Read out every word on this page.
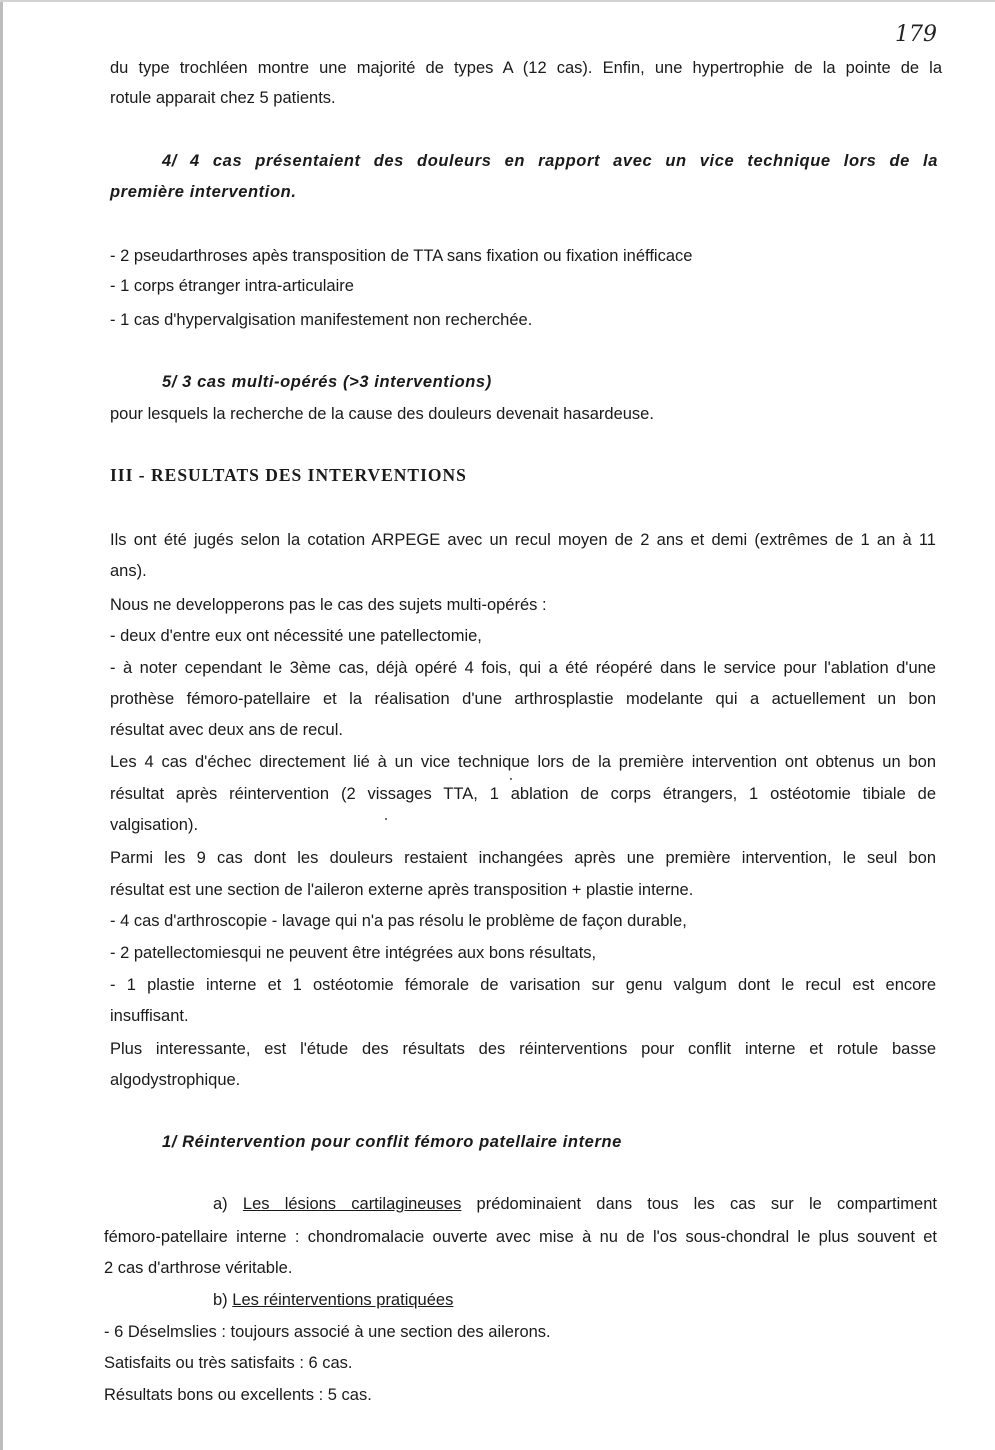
179
du type trochléen montre une majorité de types A (12 cas). Enfin, une hypertrophie de la pointe de la
rotule apparait chez 5 patients.
4/ 4 cas présentaient des douleurs en rapport avec un vice technique lors de la
première intervention.
- 2 pseudarthroses apès transposition de TTA sans fixation ou fixation inéfficace
- 1 corps étranger intra-articulaire
- 1 cas d'hypervalgisation manifestement non recherchée.
5/ 3 cas multi-opérés (>3 interventions)
pour lesquels la recherche de la cause des douleurs devenait hasardeuse.
III - RESULTATS DES INTERVENTIONS
Ils ont été jugés selon la cotation ARPEGE avec un recul moyen de 2 ans et demi (extrêmes de 1 an à 11
ans).
Nous ne developperons pas le cas des sujets multi-opérés :
- deux d'entre eux ont nécessité une patellectomie,
- à noter cependant le 3ème cas, déjà opéré 4 fois, qui a été réopéré dans le service pour l'ablation d'une
prothèse fémoro-patellaire et la réalisation d'une arthrosplastie modelante qui a actuellement un bon
résultat avec deux ans de recul.
Les 4 cas d'échec directement lié à un vice technique lors de la première intervention ont obtenus un bon
résultat après réintervention (2 vissages TTA, 1 ablation de corps étrangers, 1 ostéotomie tibiale de
valgisation).
Parmi les 9 cas dont les douleurs restaient inchangées après une première intervention, le seul bon
résultat est une section de l'aileron externe après transposition + plastie interne.
- 4 cas d'arthroscopie - lavage qui n'a pas résolu le problème de façon durable,
- 2 patellectomiesqui ne peuvent être intégrées aux bons résultats,
- 1 plastie interne et 1 ostéotomie fémorale de varisation sur genu valgum dont le recul est encore
insuffisant.
Plus interessante, est l'étude des résultats des réinterventions pour conflit interne et rotule basse
algodystrophique.
1/ Réintervention pour conflit fémoro patellaire interne
a) Les lésions cartilagineuses prédominaient dans tous les cas sur le compartiment
fémoro-patellaire interne : chondromalacie ouverte avec mise à nu de l'os sous-chondral le plus souvent et
2 cas d'arthrose véritable.
b) Les réinterventions pratiquées
- 6 Déselmslies : toujours associé à une section des ailerons.
Satisfaits ou très satisfaits : 6 cas.
Résultats bons ou excellents : 5 cas.
